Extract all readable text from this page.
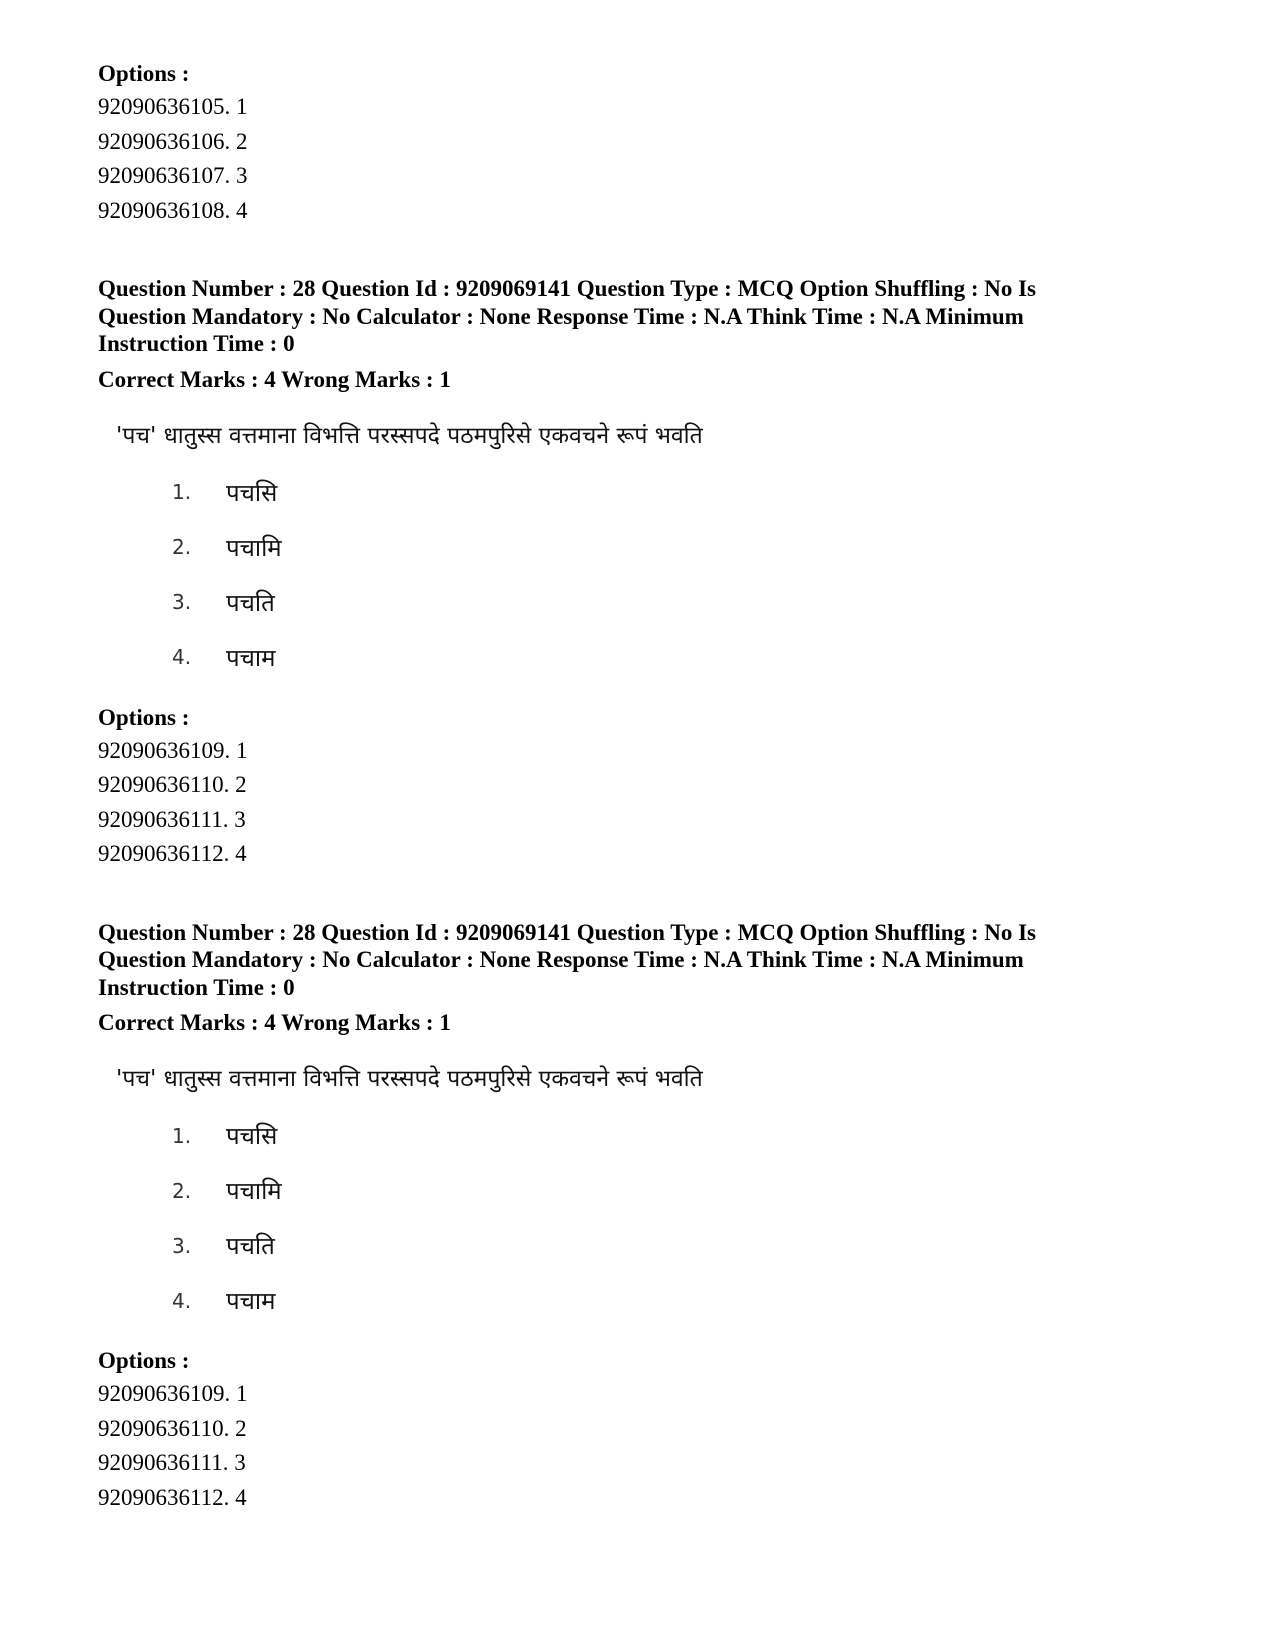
Options :
92090636105. 1
92090636106. 2
92090636107. 3
92090636108. 4
Question Number : 28 Question Id : 9209069141 Question Type : MCQ Option Shuffling : No Is
Question Mandatory : No Calculator : None Response Time : N.A Think Time : N.A Minimum
Instruction Time : 0
Correct Marks : 4 Wrong Marks : 1
'पच' धातुस्स वत्तमाना विभत्ति परस्सपदे पठमपुरिसे एकवचने रूपं भवति
1.	पचसि
2.	पचामि
3.	पचति
4.	पचाम
Options :
92090636109. 1
92090636110. 2
92090636111. 3
92090636112. 4
Question Number : 28 Question Id : 9209069141 Question Type : MCQ Option Shuffling : No Is
Question Mandatory : No Calculator : None Response Time : N.A Think Time : N.A Minimum
Instruction Time : 0
Correct Marks : 4 Wrong Marks : 1
'पच' धातुस्स वत्तमाना विभत्ति परस्सपदे पठमपुरिसे एकवचने रूपं भवति
1.	पचसि
2.	पचामि
3.	पचति
4.	पचाम
Options :
92090636109. 1
92090636110. 2
92090636111. 3
92090636112. 4
